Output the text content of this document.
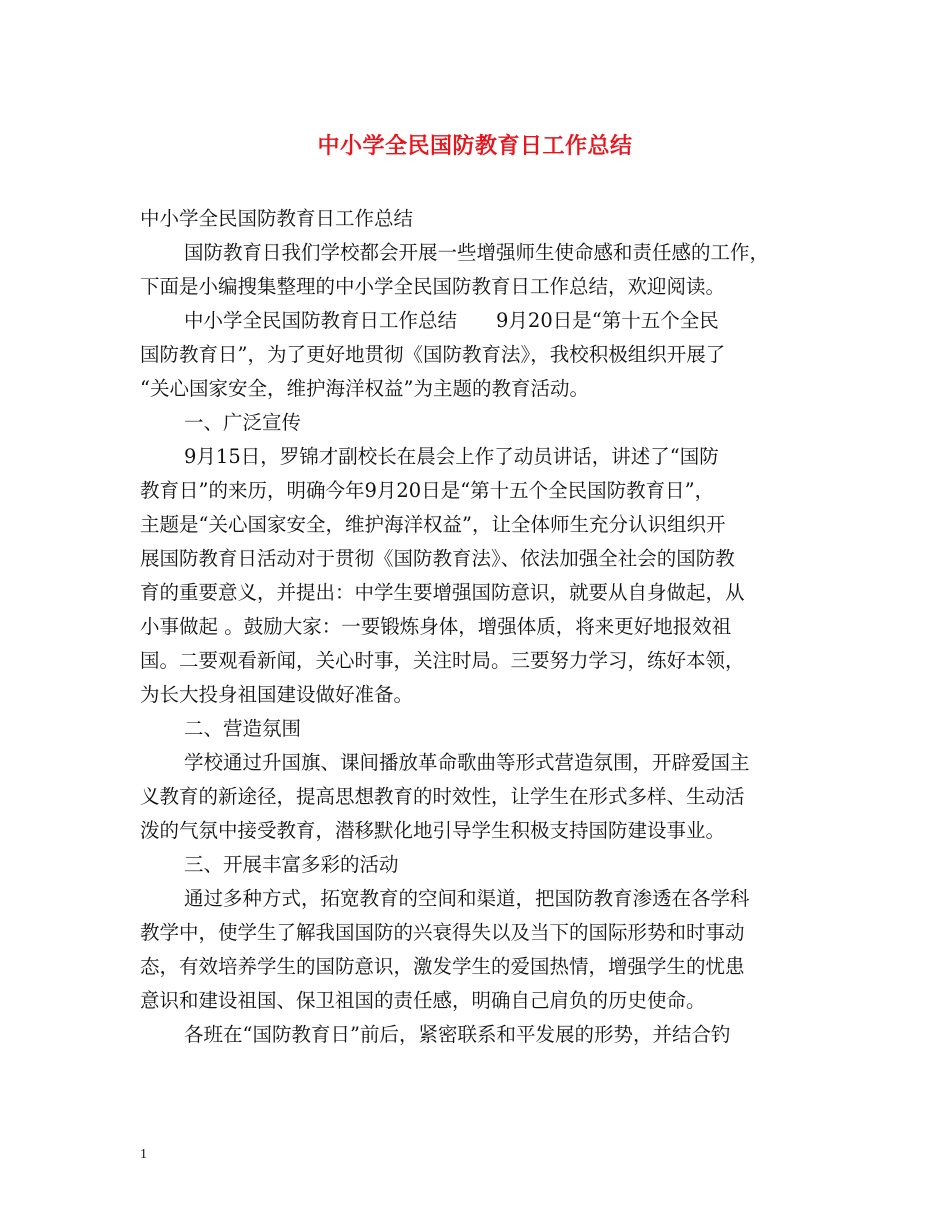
中小学全民国防教育日工作总结
中小学全民国防教育日工作总结
国防教育日我们学校都会开展一些增强师生使命感和责任感的工作，
下面是小编搜集整理的中小学全民国防教育日工作总结，欢迎阅读。
中小学全民国防教育日工作总结　　9月20日是“第十五个全民
国防教育日”，为了更好地贯彻《国防教育法》，我校积极组织开展了
“关心国家安全，维护海洋权益”为主题的教育活动。
一、广泛宣传
9月15日，罗锦才副校长在晨会上作了动员讲话，讲述了“国防
教育日”的来历，明确今年9月20日是“第十五个全民国防教育日”，
主题是“关心国家安全，维护海洋权益”，让全体师生充分认识组织开
展国防教育日活动对于贯彻《国防教育法》、依法加强全社会的国防教
育的重要意义，并提出：中学生要增强国防意识，就要从自身做起，从
小事做起 。鼓励大家：一要锻炼身体，增强体质，将来更好地报效祖
国。二要观看新闻，关心时事，关注时局。三要努力学习，练好本领，
为长大投身祖国建设做好准备。
二、营造氛围
学校通过升国旗、课间播放革命歌曲等形式营造氛围，开辟爱国主
义教育的新途径，提高思想教育的时效性，让学生在形式多样、生动活
泼的气氛中接受教育，潜移默化地引导学生积极支持国防建设事业。
三、开展丰富多彩的活动
通过多种方式，拓宽教育的空间和渠道，把国防教育渗透在各学科
教学中，使学生了解我国国防的兴衰得失以及当下的国际形势和时事动
态，有效培养学生的国防意识，激发学生的爱国热情，增强学生的忧患
意识和建设祖国、保卫祖国的责任感，明确自己肩负的历史使命。
各班在“国防教育日”前后，紧密联系和平发展的形势，并结合钓
1
